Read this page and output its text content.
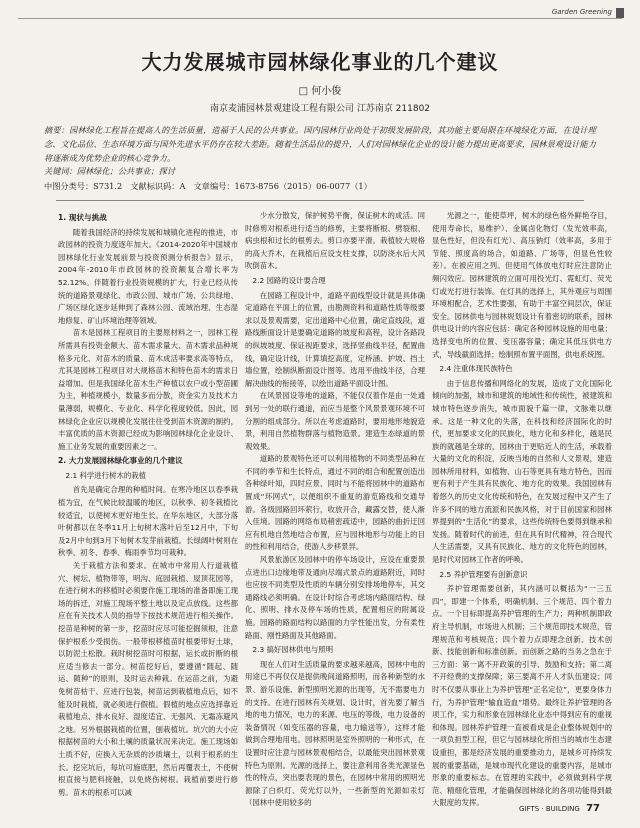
Garden Greening
大力发展城市园林绿化事业的几个建议
□ 何小俊
南京麦浦园林景观建设工程有限公司 江苏南京 211802
摘要：园林绿化工程旨在提高人的生活质量，造福于人民的公共事业。国内园林行业尚处于初级发展阶段，其功能主要局限在环境绿化方面，在设计理念、文化品位、生态环境方面与国外先进水平仍存在较大差距。随着生活品位的提升，人们对园林绿化企业的设计能力提出更高要求，园林景观设计能力将逐渐成为优势企业的核心竞争力。
关键词：园林绿化；公共事业；探讨
中图分类号：S731.2　文献标识码：A　文章编号：1673-8756（2015）06-0077（1）
1. 现状与挑战

随着我国经济的持续发展和城镇化进程的推进，市政园林的投资力度逐年加大。《2014-2020年中国城市园林绿化行业发展前景与投资预测分析报告》显示，2004年-2010年市政园林的投资额复合增长率为52.12%。伴随着行业投资规模的扩大，行业已经从传统的道路景观绿化、市政公园、城市广场、公共绿地、广场区绿化逐步延伸到了森林公园、流域治理、生态湿地修复、矿山环境治理等领域。

苗木是园林工程项目的主要原材料之一，园林工程所需具有投资金额大、苗木需求量大、苗木需求品种规格多元化、对苗木的质量、苗木成活率要求高等特点，尤其是园林工程项目对大规格苗木和特色苗木的需求日益增加。但是我国绿化苗木生产种植以农户或小型苗圃为主，种植规模小，数量多而分散，资金实力及技术力量薄弱，规模化、专业化、科学化程度较低。因此，园林绿化企业应以规模化发展往往受到苗木资源的制约，丰富优质的苗木资源已经成为影响园林绿化企业设计、施工业务发展的重要因素之一。

2. 大力发展园林绿化事业的几个建议
2.1 科学进行树木的栽植

首先是确定合理的种植时间。在寒冷地区以春季栽植为宜，在气候比较温暖的地区，以秋季、初冬栽植比较适宜，以使树木更好地生长。在华东地区，大部分落叶树都以在冬季11月上旬树木落叶后至12月中，下旬及2月中旬到3月下旬树木发芽前栽植。长绿阔叶树则在秋季、初冬、春季、梅雨季节均可栽种。

关于栽植方法和要求。在城市中常用人行道栽植穴、树坛、植物带等，明沟、庭园栽植、屋顶花园等，在进行树木的移植时必须要作施工现场的准备即施工现场的拆迁，对施工现场平整土地以及定点放线。这些都应在有关技术人员的指导下按技术规范进行相关操作。挖苗是种树的第一步，挖苗时应尽可能挖掘须根，注意保护根系少受损伤。一般带根移植苗时根要带好土球，以防泥土松散。栽时树挖苗时可根据，运长或折断的根应适当修去一部分。树苗挖好后，要遵循“随起、随运、随种”的原则，及时运去种栽。在运苗之前，为避免树苗枯干、应进行包装，树苗运到栽植地点后，如不能及时栽植，就必须进行假植。假植的地点应选择靠近栽植地点、排水良好、湿度适宜、无强风、无霜冻避风之地。另外根据栽植的位置，刨栽植坑。坑穴的大小应根据树苗的大小和土壤的质量状况来决定。施工现场如土质不好，应换入无杂质的沙质壤土，以利于根系的生长。挖完坑后，每坑可施底肥，然后再覆表土，不使树根直接与肥料接触，以免烧伤树根。栽植前要进行修剪。苗木的根系可以减

少水分散发，保护树势平衡，保证树木的成活。同时修剪对根系进行适当的修剪，主要将断根、劈裂根、病虫根和过长的根剪去。剪口亦要平滑。栽植较大规格的高大乔木，在栽植后应设支柱支撑，以防浇水后大风吹倒苗木。

2.2 园路的设计要合理

在园路工程设计中，道路平面线型设计就是具体确定道路在平面上的位置，由勘测资料和道路性质等级要求以及景观需要，定出道路中心位置，确定直线段，道路线断面设计是要确定道路的坡度和高程，设计各路段的纵坡坡度、保证视距要求，选择竖曲线半径，配置曲线，确定设计线，计算填挖高度，定桥涵、护坡、挡土墙位置，绘制纵断面设计图等。选用平曲线半径，合理解决曲线的衔接等，以绘出道路平面设计图。

在风景园设等地的道路，不能仅仅着作是由一处通到另一处的联行通道，而应当是整个风景景观环境不可分割的组成部分。所以在考虑道路时，要用地形地貌造景，利用自然植物群落与植物造景。建造生态绿道的景观效果。

道路的景观特色还可以利用植物的不同类型品种在不同的季节和生长特点，通过不同的组合和配置创造出各种绿叶知，四时应景、同时与不能将园林中的道路布置成“环网式”，以便组织不重复的游览路线和交通导游。各级园路回环萦行，收放开合，藏露交替，使人渐入佳境。园路的网络布局稍密疏适中，园路的曲折迂回应有机地自然地结合布置，应与园林地形与功能上的目的性和利用结合，使游人步移景异。

风景旅游区及园林中的停车场设计，应设在重要景点进出口边缘地带及通向尽端式景点的道路附近，同时也应按不同类型及性质的车辆分别安排场地停车，其交通路线必须明确。在设计时综合考虑场内路面结构、绿化、照明、排水及停车场的性质，配置相应的附属设施。园路的路面结构以路面的力学性能出发，分有柔性路面、刚性路面及其他路面。

2.3 搞好园林供电与照明

现在人们对生活质量的要求越来越高，园林中电的用途已不再仅仅是提供晚间道路照明，而各种新型的水景、游乐设施、新型照明光源的出现等，无不需要电力的支持。在进行园林有关规划、设计时，首先要了解当地的电力情况，电力的来源、电压的等级，电力设备的装备情况（如变压器的容量，电力输送等），这样才能做到合理地用电。园林照明是室外照明的一种形式，在设置时应注意与园林景观相结合，以最能突出园林景观特色为原则。光源的选择上，要注意利用各类光源显色性的特点，突出要表现的景色，在园林中常用的照明光源除了白炽灯、荧光灯以外，一些新型的光源如汞灯（园林中使用较多的

光源之一，能使草坪，树木的绿色格外鲜艳夺目，使用寿命长，易维护）、金属卤化物灯（发光效率高，显色性好，但没有红光）、高压钠灯（效率高，多用于节能、照度高的场合，如道路、广场等，但显色性较差）。在被应用之列。但使用气体放电灯时应注意防止频闪效应。园林建筑的立面可用投光灯、霓虹灯、荧光灯或光打进行装饰。在灯具的选择上，其外观应与周围环境相配合，艺术性要强，有助于丰富空间层次，保证安全。园林供电与园林规划设计有着密切的联系，园林供电设计的内容应包括：确定各种园林设施的用电量；选择变电所的位置、变压器容量；确定其低压供电方式，导线截面选择；绘制照布置平面图，供电系统图。

2.4 注重体现民族特色

由于信息传播和网络化的发展，造成了文化国际化倾向的加强，城市和建筑的地域性和传统性，被建筑和城市特色逐步消失，城市面貌千篇一律，文脉难以继承。这是一种文化的失落，在科技和经济国际化的时代，更加要求文化的民族化，地方化和多样化，越是民族的就越是全球的，园林由于更贴近人的生活，承载着大量的文化的积淀，反映当地的自然和人文景观，建造园林所用材料，如植物、山石等更具有地方特色，因而更有利于产生具有民族化、地方化的效果。我国园林有着悠久的历史文化传统和特色，在发展过程中又产生了许多不同的地方流派和民族风格，对于目前国家和园林界提到的“生活化”的要求，这些传统特色要得到继承和发扬。随着时代的前进，但在具有时代精神，符合现代人生活需要，又具有民族化、地方的文化特色的园林，是时代对园林工作者的呼唤。

2.5 养护管理要有创新意识

养护管理需要创新，其内涵可以概括为“一三五四”，即建一个体系，明确机制、三个规范、四个着力点。一个目标即提高养护管理的生产力；两种机制即政府主导机制，市场进入机制；三个规范即技术规范，管理规范和考核规范；四个着力点即理念创新、技术创新、技能创新和标准创新。而创新之路的当务之急在于三方面：第一离不开政策的引导、鼓励和支持；第二离不开经费的支撑保障；第三要离不开人才队伍建设；同时不仅要从事业上为养护管理“正名定位”，更要身体力行，为养护管理“输血造血”增势。最终让养护管理的各项工作，实力和形象在园林绿化业态中得到应有的重视和体现。园林养护管理一直被看成是企业整体规划中的一项负担型工程，但它与园林绿化所担当的城市生态建设重担，都是经济发展的重要推动力，是城乡可持续发展的重要基础，是城市现代化建设的重要内容，是城市形象的重要标志。在管理的实践中，必须做到科学规范、精细化管理，才能确保园林绿化的各项功能得到最大限度的发挥。

GIFTS · BUILDING 77
